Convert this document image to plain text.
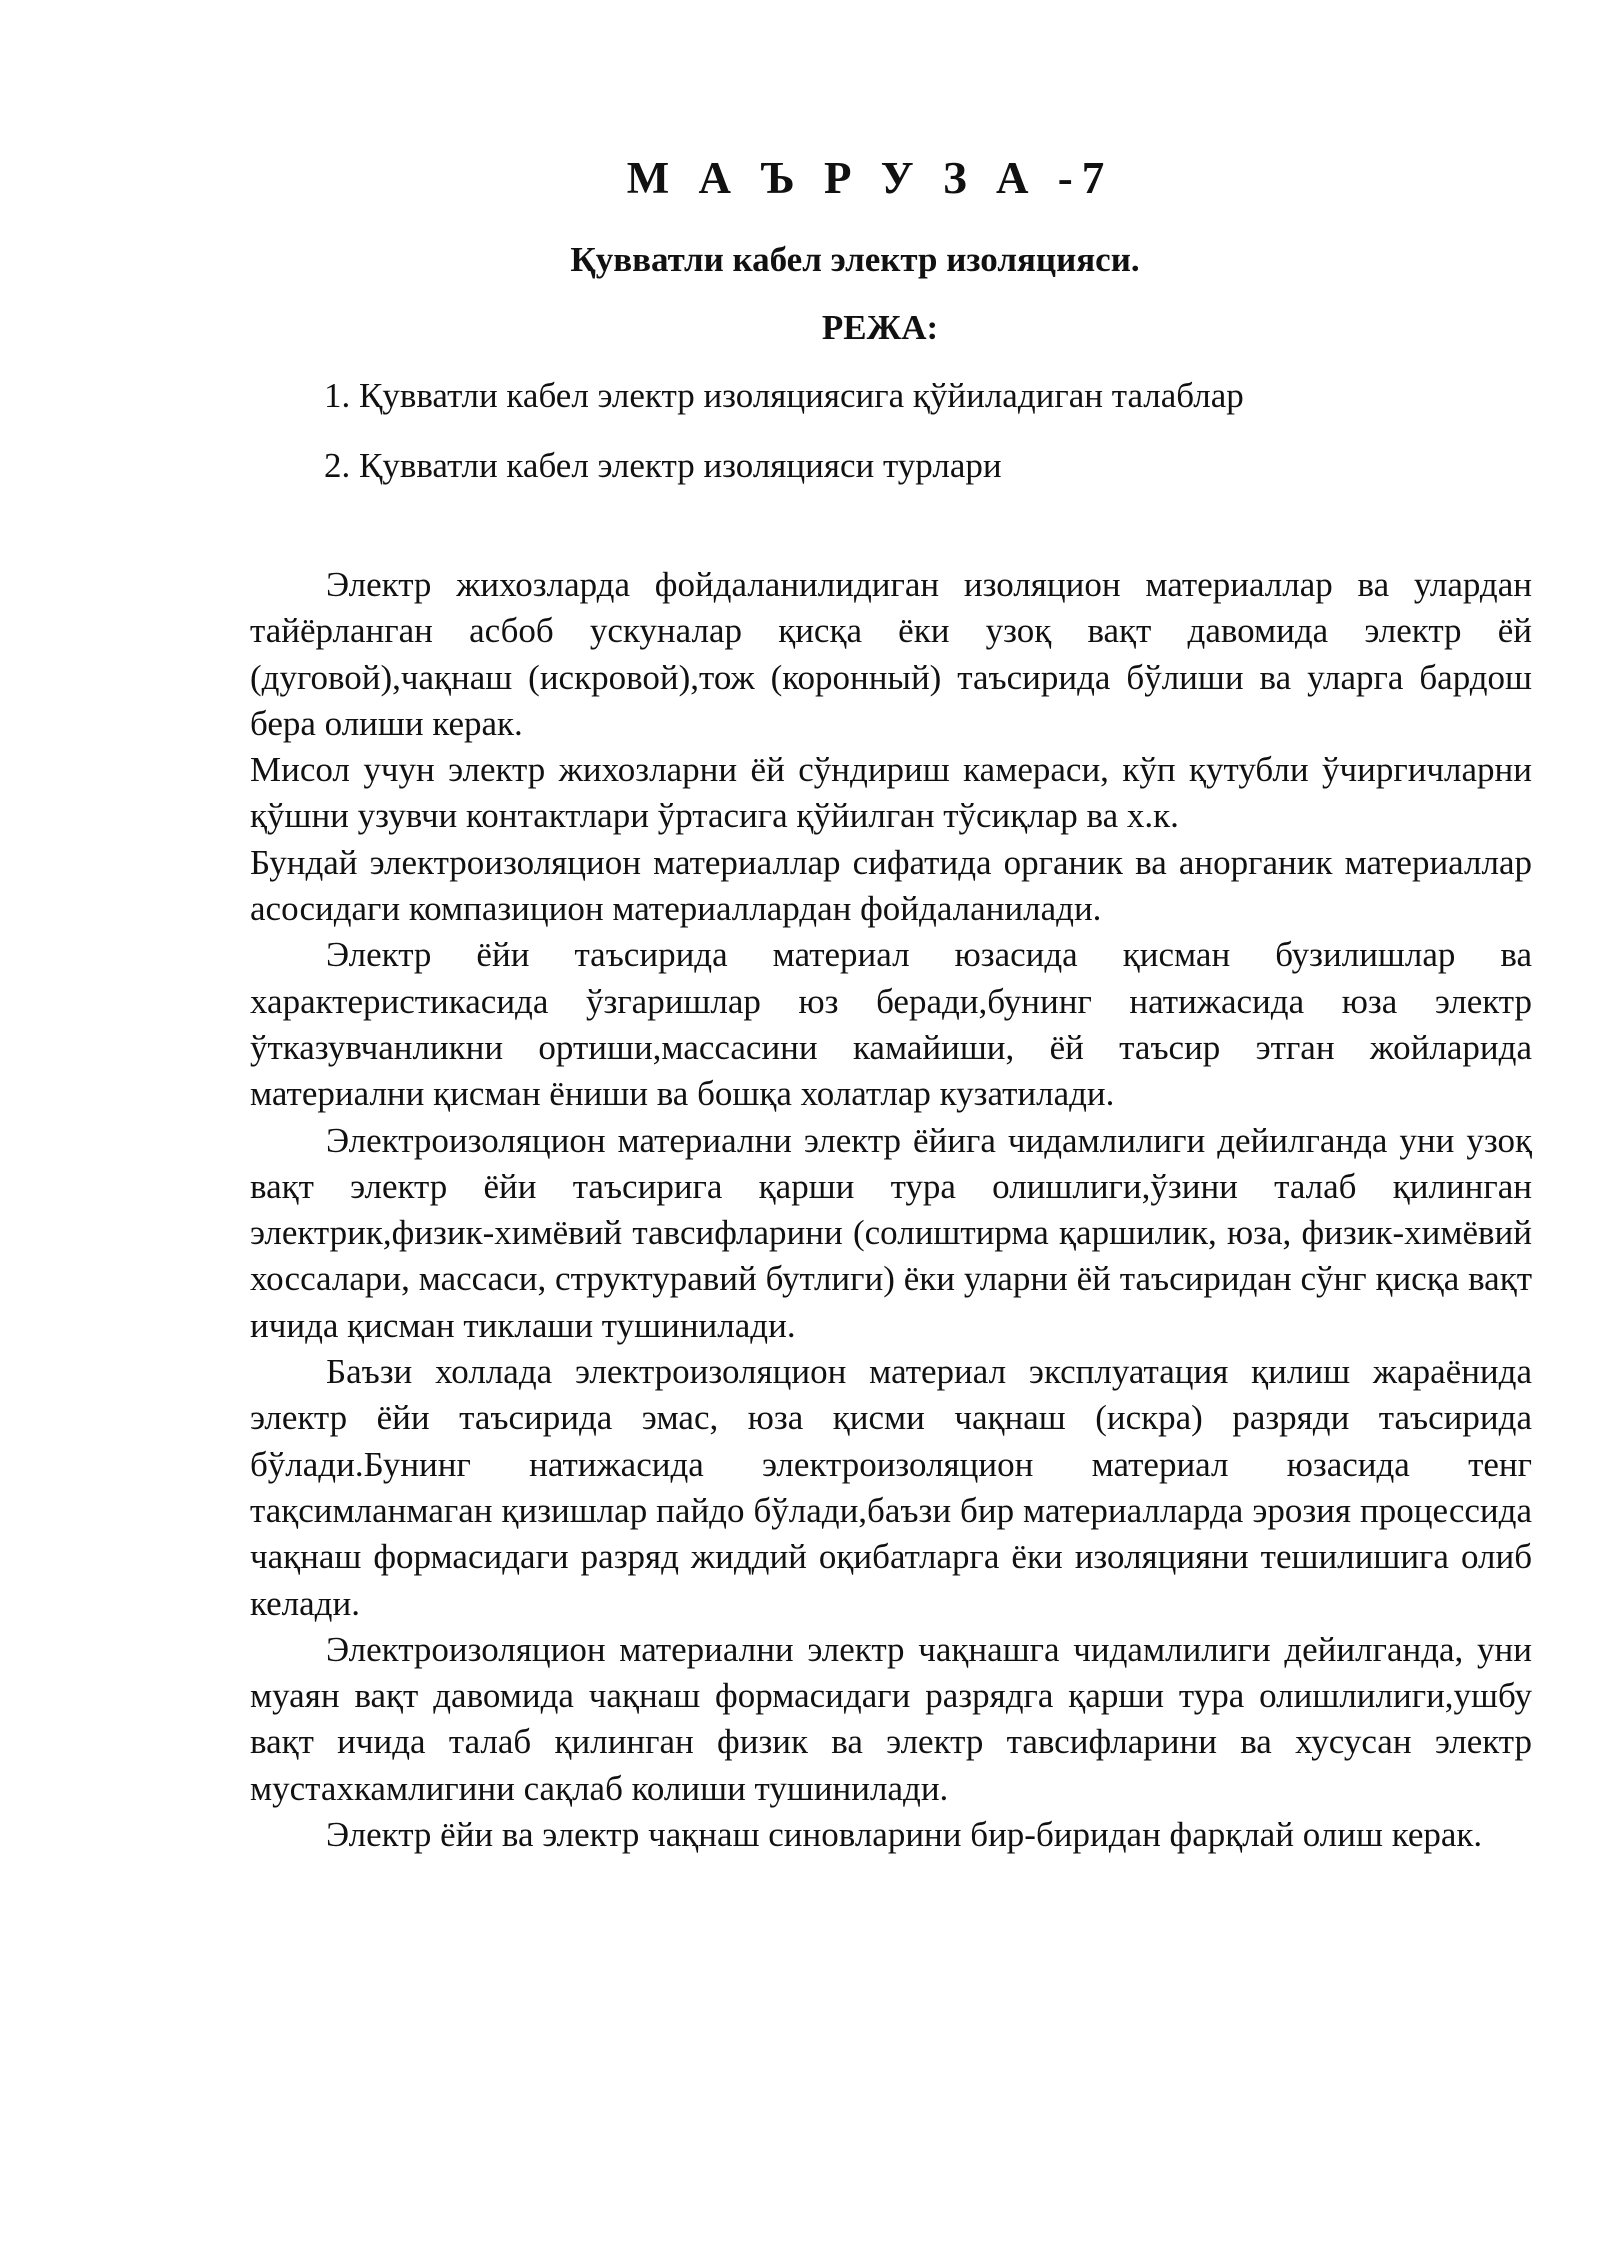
М А Ъ Р У З А -7
Қувватли кабел электр изоляцияси.
РЕЖА:
1. Қувватли кабел электр изоляциясига қўйиладиган талаблар
2. Қувватли кабел электр изоляцияси турлари

Электр жихозларда фойдаланилидиган изоляцион материаллар ва улардан тайёрланган асбоб ускуналар қисқа ёки узоқ вақт давомида электр ёй (дуговой),чақнаш (искровой),тож (коронный) таъсирида бўлиши ва уларга бардош бера олиши керак.

Мисол учун электр жихозларни ёй сўндириш камераси, кўп қутубли ўчиргичларни қўшни узувчи контактлари ўртасига қўйилган тўсиқлар ва х.к.

Бундай электроизоляцион материаллар сифатида органик ва анорганик материаллар асосидаги компазицион материаллардан фойдаланилади.

Электр ёйи таъсирида материал юзасида қисман бузилишлар ва характеристикасида ўзгаришлар юз беради,бунинг натижасида юза электр ўтказувчанликни ортиши,массасини камайиши, ёй таъсир этган жойларида материални қисман ёниши ва бошқа холатлар кузатилади.

Электроизоляцион материални электр ёйига чидамлилиги дейилганда уни узоқ вақт электр ёйи таъсирига қарши тура олишлиги,ўзини талаб қилинган электрик,физик-химёвий тавсифларини (солиштирма қаршилик, юза, физик-химёвий хоссалари, массаси, структуравий бутлиги) ёки уларни ёй таъсиридан сўнг қисқа вақт ичида қисман тиклаши тушинилади.

Баъзи холлада электроизоляцион материал эксплуатация қилиш жараёнида электр ёйи таъсирида эмас, юза қисми чақнаш (искра) разряди таъсирида бўлади.Бунинг натижасида электроизоляцион материал юзасида тенг тақсимланмаган қизишлар пайдо бўлади,баъзи бир материалларда эрозия процессида чақнаш формасидаги разряд жиддий оқибатларга ёки изоляцияни тешилишига олиб келади.

Электроизоляцион материални электр чақнашга чидамлилиги дейилганда, уни муаян вақт давомида чақнаш формасидаги разрядга қарши тура олишлилиги,ушбу вақт ичида талаб қилинган физик ва электр тавсифларини ва хусусан электр мустахкамлигини сақлаб колиши тушинилади.

Электр ёйи ва электр чақнаш синовларини бир-биридан фарқлай олиш керак.
